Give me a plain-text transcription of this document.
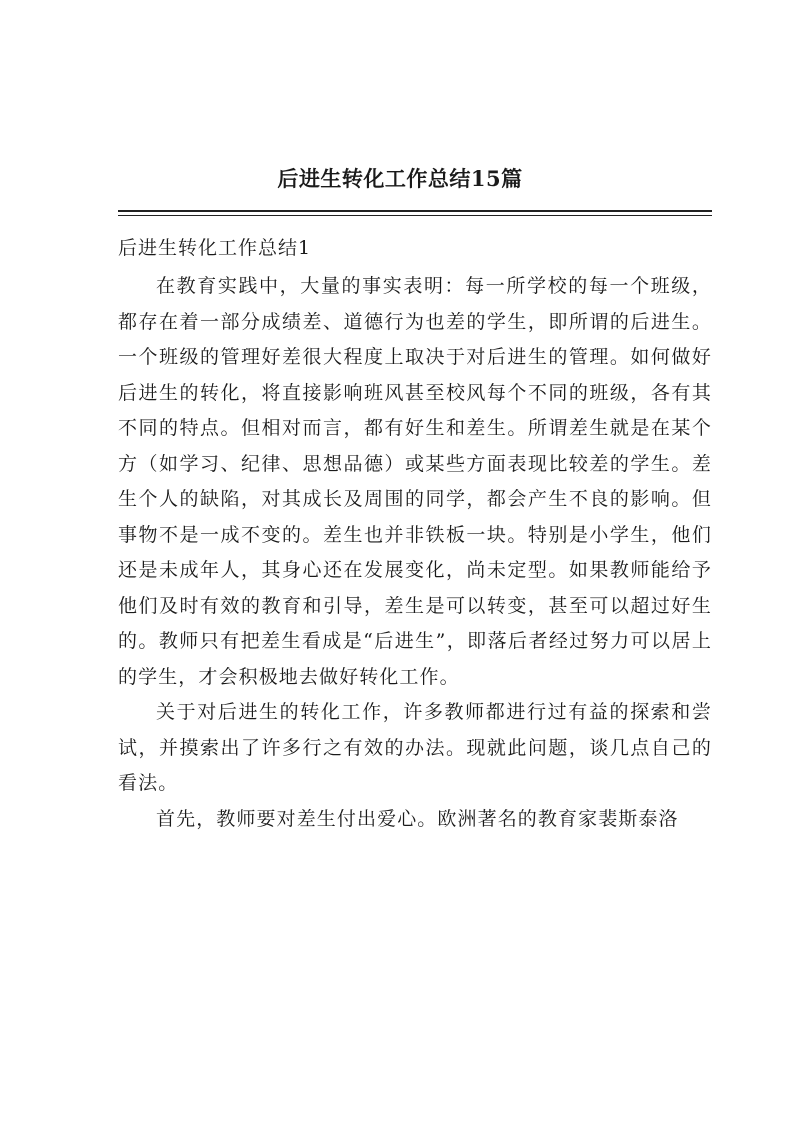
后进生转化工作总结15篇
后进生转化工作总结1

在教育实践中，大量的事实表明：每一所学校的每一个班级，都存在着一部分成绩差、道德行为也差的学生，即所谓的后进生。一个班级的管理好差很大程度上取决于对后进生的管理。如何做好后进生的转化，将直接影响班风甚至校风每个不同的班级，各有其不同的特点。但相对而言，都有好生和差生。所谓差生就是在某个方（如学习、纪律、思想品德）或某些方面表现比较差的学生。差生个人的缺陷，对其成长及周围的同学，都会产生不良的影响。但事物不是一成不变的。差生也并非铁板一块。特别是小学生，他们还是未成年人，其身心还在发展变化，尚未定型。如果教师能给予他们及时有效的教育和引导，差生是可以转变，甚至可以超过好生的。教师只有把差生看成是“后进生”，即落后者经过努力可以居上的学生，才会积极地去做好转化工作。

关于对后进生的转化工作，许多教师都进行过有益的探索和尝试，并摸索出了许多行之有效的办法。现就此问题，谈几点自己的看法。

首先，教师要对差生付出爱心。欧洲著名的教育家裴斯泰洛
